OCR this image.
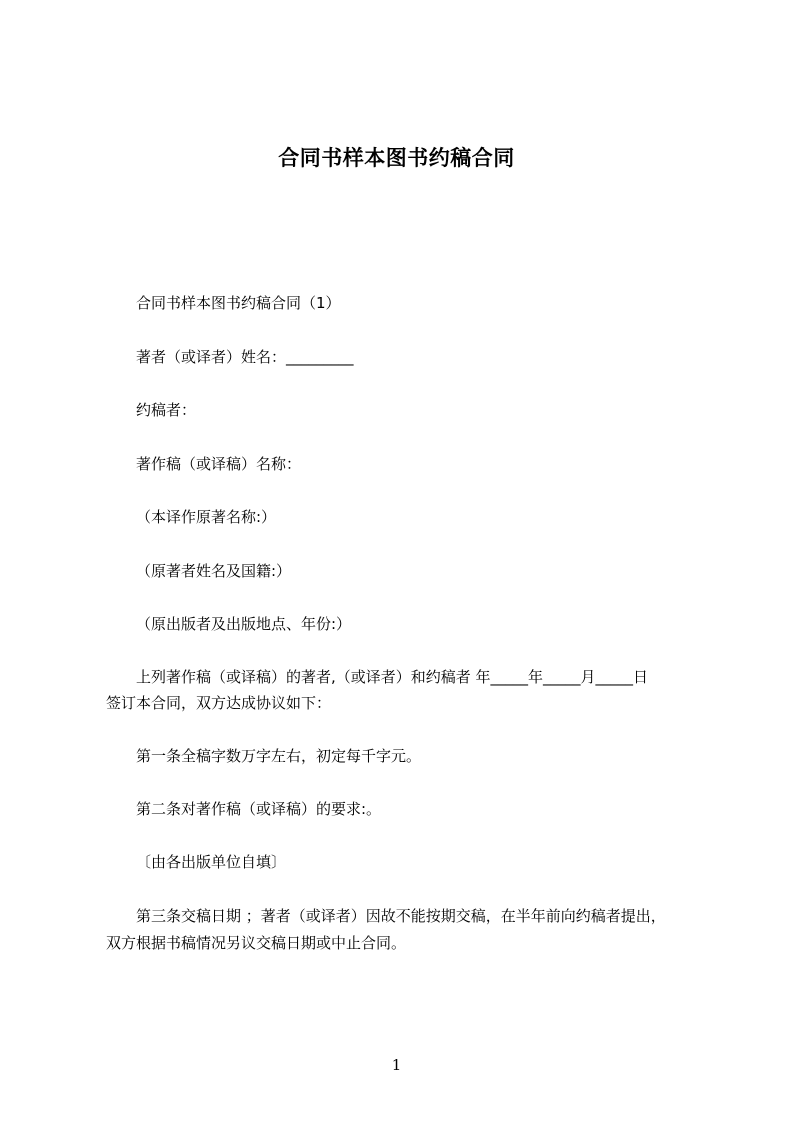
合同书样本图书约稿合同
合同书样本图书约稿合同（1）
著者（或译者）姓名：_________
约稿者：
著作稿（或译稿）名称：
（本译作原著名称:）
（原著者姓名及国籍:）
（原出版者及出版地点、年份:）
上列著作稿（或译稿）的著者,（或译者）和约稿者 年_____年_____月_____日
签订本合同，双方达成协议如下：
第一条全稿字数万字左右，初定每千字元。
第二条对著作稿（或译稿）的要求:。
〔由各出版单位自填〕
第三条交稿日期 ；著者（或译者）因故不能按期交稿，在半年前向约稿者提出，
双方根据书稿情况另议交稿日期或中止合同。
1
